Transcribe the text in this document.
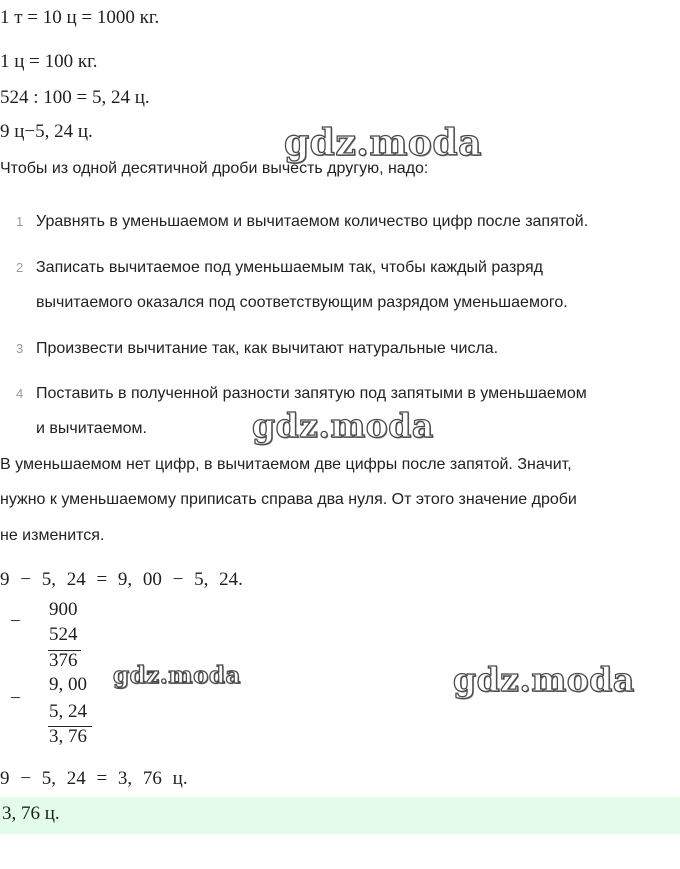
1 т = 10 ц = 1000 кг.
1 ц = 100 кг.
524 : 100 = 5, 24 ц.
9 ц−5, 24 ц.	gdz.moda
Чтобы из одной десятичной дроби вычесть другую, надо:
1 Уравнять в уменьшаемом и вычитаемом количество цифр после запятой.
2 Записать вычитаемое под уменьшаемым так, чтобы каждый разряд
вычитаемого оказался под соответствующим разрядом уменьшаемого.
3 Произвести вычитание так, как вычитают натуральные числа.
4 Поставить в полученной разности запятую под запятыми в уменьшаемом
и вычитаемом.	gdz.moda
В уменьшаемом нет цифр, в вычитаемом две цифры после запятой. Значит,
нужно к уменьшаемому приписать справа два нуля. От этого значение дроби
не изменится.
9 − 5, 24 = 9, 00 − 5, 24.
−
900
524
376
−
9, 00
5, 24
3, 76
gdz.moda	gdz.moda
9 − 5, 24 = 3, 76 ц.
3, 76 ц.
